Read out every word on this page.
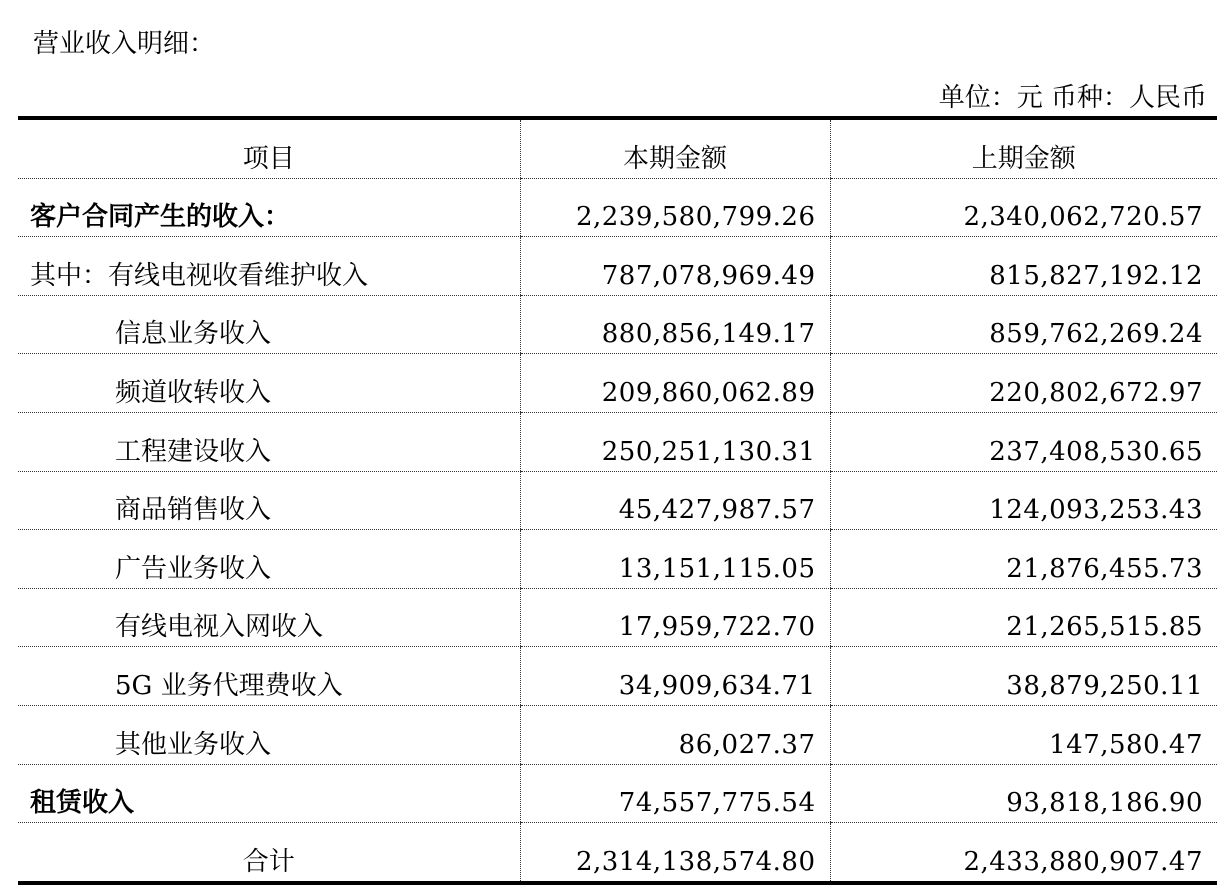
营业收入明细：
单位：元 币种：人民币
项目	本期金额	上期金额
客户合同产生的收入：	2,239,580,799.26	2,340,062,720.57
其中：有线电视收看维护收入	787,078,969.49	815,827,192.12
信息业务收入	880,856,149.17	859,762,269.24
频道收转收入	209,860,062.89	220,802,672.97
工程建设收入	250,251,130.31	237,408,530.65
商品销售收入	45,427,987.57	124,093,253.43
广告业务收入	13,151,115.05	21,876,455.73
有线电视入网收入	17,959,722.70	21,265,515.85
5G 业务代理费收入	34,909,634.71	38,879,250.11
其他业务收入	86,027.37	147,580.47
租赁收入	74,557,775.54	93,818,186.90
合计	2,314,138,574.80	2,433,880,907.47
